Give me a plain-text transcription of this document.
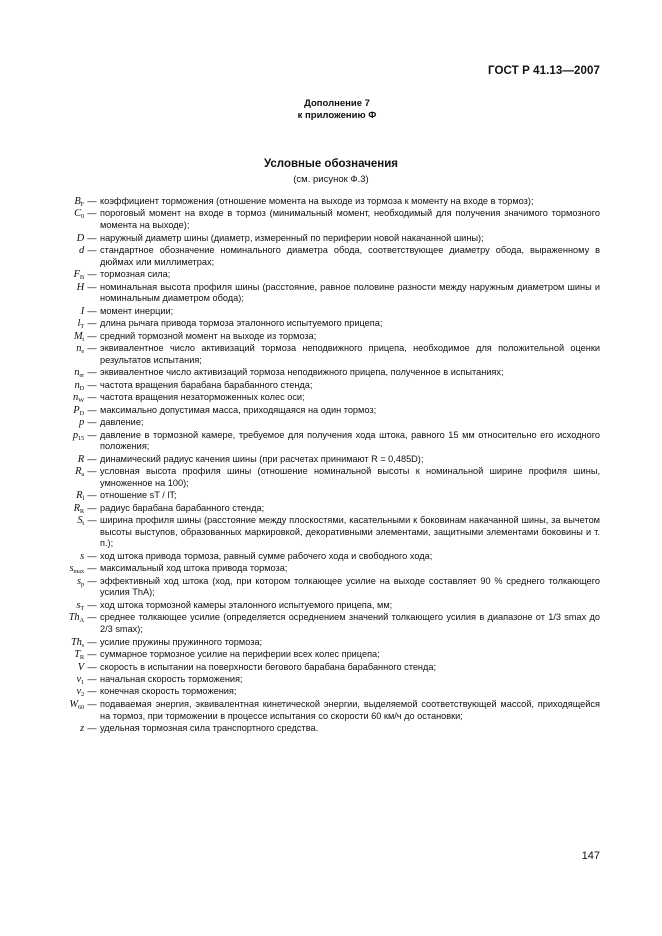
ГОСТ Р 41.13—2007
Дополнение 7
к приложению Ф
Условные обозначения
(см. рисунок Ф.3)
$B_F$ — коэффициент торможения (отношение момента на выходе из тормоза к моменту на входе в тормоз);
$C_0$ — пороговый момент на входе в тормоз (минимальный момент, необходимый для получения значимого тормозного момента на выходе);
D — наружный диаметр шины (диаметр, измеренный по периферии новой накачанной шины);
d — стандартное обозначение номинального диаметра обода, соответствующее диаметру обода, выраженному в дюймах или миллиметрах;
$F_B$ — тормозная сила;
H — номинальная высота профиля шины (расстояние, равное половине разности между наружным диаметром шины и номинальным диаметром обода);
I — момент инерции;
$l_T$ — длина рычага привода тормоза эталонного испытуемого прицепа;
$M_t$ — средний тормозной момент на выходе из тормоза;
$n_e$ — эквивалентное число активизаций тормоза неподвижного прицепа, необходимое для положительной оценки результатов испытания;
$n_{er}$ — эквивалентное число активизаций тормоза неподвижного прицепа, полученное в испытаниях;
$n_D$ — частота вращения барабана барабанного стенда;
$n_W$ — частота вращения незаторможенных колес оси;
$P_D$ — максимально допустимая масса, приходящаяся на один тормоз;
p — давление;
$p_{15}$ — давление в тормозной камере, требуемое для получения хода штока, равного 15 мм относительно его исходного положения;
R — динамический радиус качения шины (при расчетах принимают R = 0,485D);
$R_a$ — условная высота профиля шины (отношение номинальной высоты к номинальной ширине профиля шины, умноженное на 100);
$R_l$ — отношение sT / lT;
$R_R$ — радиус барабана барабанного стенда;
$S_t$ — ширина профиля шины (расстояние между плоскостями, касательными к боковинам накачанной шины, за вычетом высоты выступов, образованных маркировкой, декоративными элементами, защитными элементами боковины и т. п.);
s — ход штока привода тормоза, равный сумме рабочего хода и свободного хода;
$s_{max}$ — максимальный ход штока привода тормоза;
$s_p$ — эффективный ход штока (ход, при котором толкающее усилие на выходе составляет 90 % среднего толкающего усилия ThA);
$s_T$ — ход штока тормозной камеры эталонного испытуемого прицепа, мм;
$Th_A$ — среднее толкающее усилие (определяется осреднением значений толкающего усилия в диапазоне от 1/3 smax до 2/3 smax);
$Th_s$ — усилие пружины пружинного тормоза;
$T_R$ — суммарное тормозное усилие на периферии всех колес прицепа;
V — скорость в испытании на поверхности бегового барабана барабанного стенда;
$v_1$ — начальная скорость торможения;
$v_2$ — конечная скорость торможения;
$W_{60}$ — подаваемая энергия, эквивалентная кинетической энергии, выделяемой соответствующей массой, приходящейся на тормоз, при торможении в процессе испытания со скорости 60 км/ч до остановки;
z — удельная тормозная сила транспортного средства.
147
